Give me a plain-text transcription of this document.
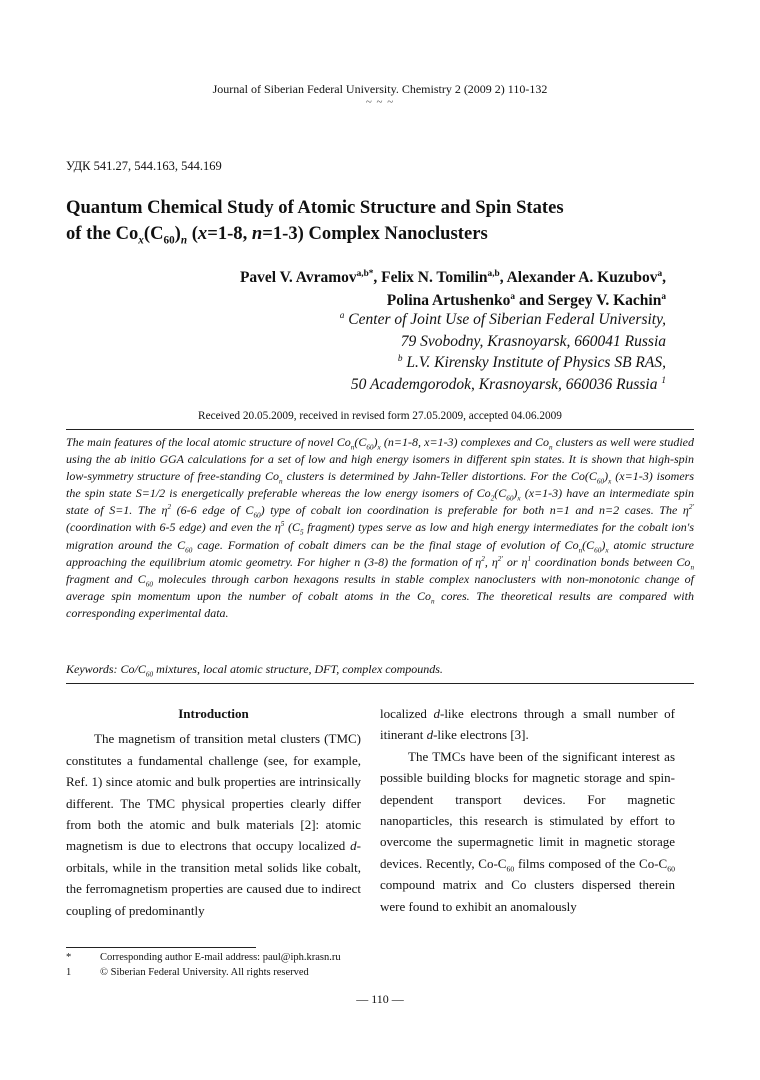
Journal of Siberian Federal University. Chemistry 2 (2009 2) 110-132
~ ~ ~
УДК 541.27, 544.163, 544.169
Quantum Chemical Study of Atomic Structure and Spin States
of the $Co_x(C_{60})_n$ (x=1-8, n=1-3) Complex Nanoclusters
Pavel V. Avramov$^{a,b*}$, Felix N. Tomilin$^{a,b}$, Alexander A. Kuzubov$^a$,
Polina Artushenko$^a$ and Sergey V. Kachin$^a$
$^a$ Center of Joint Use of Siberian Federal University,
79 Svobodny, Krasnoyarsk, 660041 Russia
$^b$ L.V. Kirensky Institute of Physics SB RAS,
50 Academgorodok, Krasnoyarsk, 660036 Russia $^1$
Received 20.05.2009, received in revised form 27.05.2009, accepted 04.06.2009
The main features of the local atomic structure of novel $Co_n(C_{60})_x$ (n=1-8, x=1-3) complexes and $Co_n$ clusters as well were studied using the ab initio GGA calculations for a set of low and high energy isomers in different spin states. It is shown that high-spin low-symmetry structure of free-standing $Co_n$ clusters is determined by Jahn-Teller distortions. For the $Co(C_{60})_x$ (x=1-3) isomers the spin state S=1/2 is energetically preferable whereas the low energy isomers of $Co_2(C_{60})_x$ (x=1-3) have an intermediate spin state of S=1. The $\eta^2$ (6-6 edge of $C_{60}$) type of cobalt ion coordination is preferable for both n=1 and n=2 cases. The $\eta^{2'}$ (coordination with 6-5 edge) and even the $\eta^5$ ($C_5$ fragment) types serve as low and high energy intermediates for the cobalt ion's migration around the $C_{60}$ cage. Formation of cobalt dimers can be the final stage of evolution of $Co_n(C_{60})_x$ atomic structure approaching the equilibrium atomic geometry. For higher n (3-8) the formation of $\eta^2$, $\eta^{2'}$ or $\eta^1$ coordination bonds between $Co_n$ fragment and $C_{60}$ molecules through carbon hexagons results in stable complex nanoclusters with non-monotonic change of average spin momentum upon the number of cobalt atoms in the $Co_n$ cores. The theoretical results are compared with corresponding experimental data.
Keywords: $Co/C_{60}$ mixtures, local atomic structure, DFT, complex compounds.

Introduction

The magnetism of transition metal clusters (TMC) constitutes a fundamental challenge (see, for example, Ref. 1) since atomic and bulk properties are intrinsically different. The TMC physical properties clearly differ from both the atomic and bulk materials [2]: atomic magnetism is due to electrons that occupy localized d-orbitals, while in the transition metal solids like cobalt, the ferromagnetism properties are caused due to indirect coupling of predominantly

localized d-like electrons through a small number of itinerant d-like electrons [3].

The TMCs have been of the significant interest as possible building blocks for magnetic storage and spin-dependent transport devices. For magnetic nanoparticles, this research is stimulated by effort to overcome the supermagnetic limit in magnetic storage devices. Recently, $Co-C_{60}$ films composed of the $Co-C_{60}$ compound matrix and Co clusters dispersed therein were found to exhibit an anomalously

*	Corresponding author E-mail address: paul@iph.krasn.ru
1	© Siberian Federal University. All rights reserved
— 110 —
